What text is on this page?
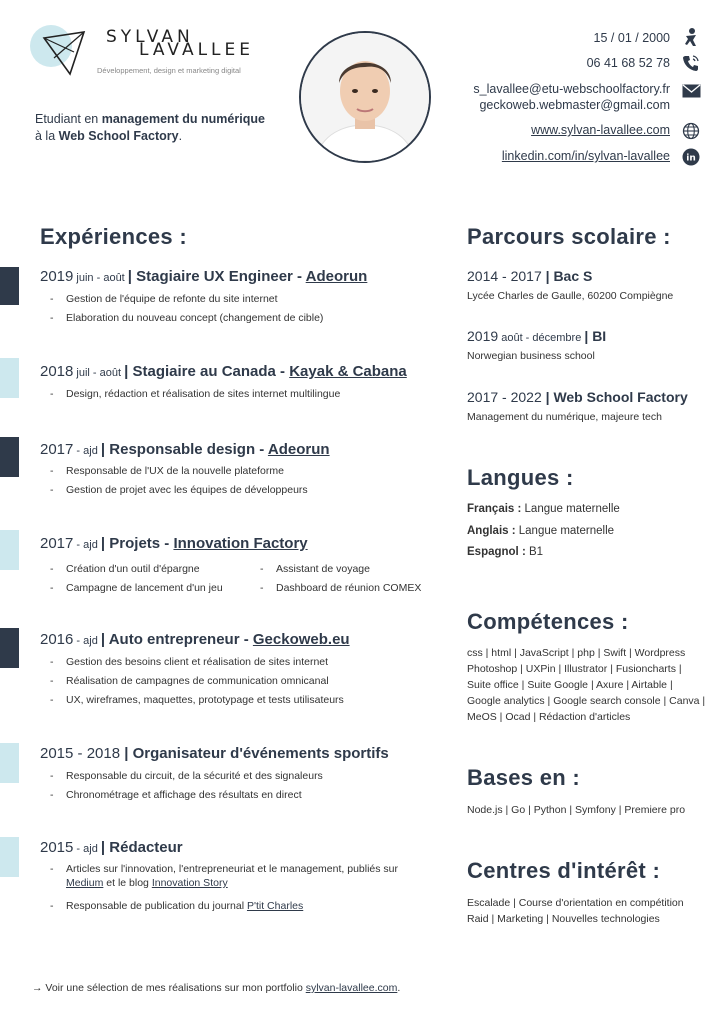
SYLVAN
LAVALLEE
Développement, design et marketing digital
Etudiant en management du numérique à la Web School Factory.
15 / 01 / 2000
06 41 68 52 78
s_lavallee@etu-webschoolfactory.fr
geckoweb.webmaster@gmail.com
www.sylvan-lavallee.com
linkedin.com/in/sylvan-lavallee in
Expériences :
2019 juin - août | Stagiaire UX Engineer - Adeorun
- Gestion de l'équipe de refonte du site internet
- Elaboration du nouveau concept (changement de cible)
2018 juil - août | Stagiaire au Canada - Kayak & Cabana
- Design, rédaction et réalisation de sites internet multilingue
2017 - ajd | Responsable design - Adeorun
- Responsable de l'UX de la nouvelle plateforme
- Gestion de projet avec les équipes de développeurs
2017 - ajd | Projets - Innovation Factory
- Création d'un outil d'épargne
- Campagne de lancement d'un jeu
- Assistant de voyage
- Dashboard de réunion COMEX
2016 - ajd | Auto entrepreneur - Geckoweb.eu
- Gestion des besoins client et réalisation de sites internet
- Réalisation de campagnes de communication omnicanal
- UX, wireframes, maquettes, prototypage et tests utilisateurs
2015 - 2018 | Organisateur d'événements sportifs
- Responsable du circuit, de la sécurité et des signaleurs
- Chronométrage et affichage des résultats en direct
2015 - ajd | Rédacteur
- Articles sur l'innovation, l'entrepreneuriat et le management, publiés sur Medium et le blog Innovation Story
- Responsable de publication du journal P'tit Charles
Parcours scolaire :
2014 - 2017 | Bac S
Lycée Charles de Gaulle, 60200 Compiègne
2019 août - décembre | BI
Norwegian business school
2017 - 2022 | Web School Factory
Management du numérique, majeure tech
Langues :
Français : Langue maternelle
Anglais : Langue maternelle
Espagnol : B1
Compétences :
css | html | JavaScript | php | Swift | Wordpress Photoshop | UXPin | Illustrator | Fusioncharts | Suite office | Suite Google | Axure | Airtable | Google analytics | Google search console | Canva | MeOS | Ocad | Rédaction d'articles
Bases en :
Node.js | Go | Python | Symfony | Premiere pro
Centres d'intérêt :
Escalade | Course d'orientation en compétition
Raid | Marketing | Nouvelles technologies
→ Voir une sélection de mes réalisations sur mon portfolio sylvan-lavallee.com.
